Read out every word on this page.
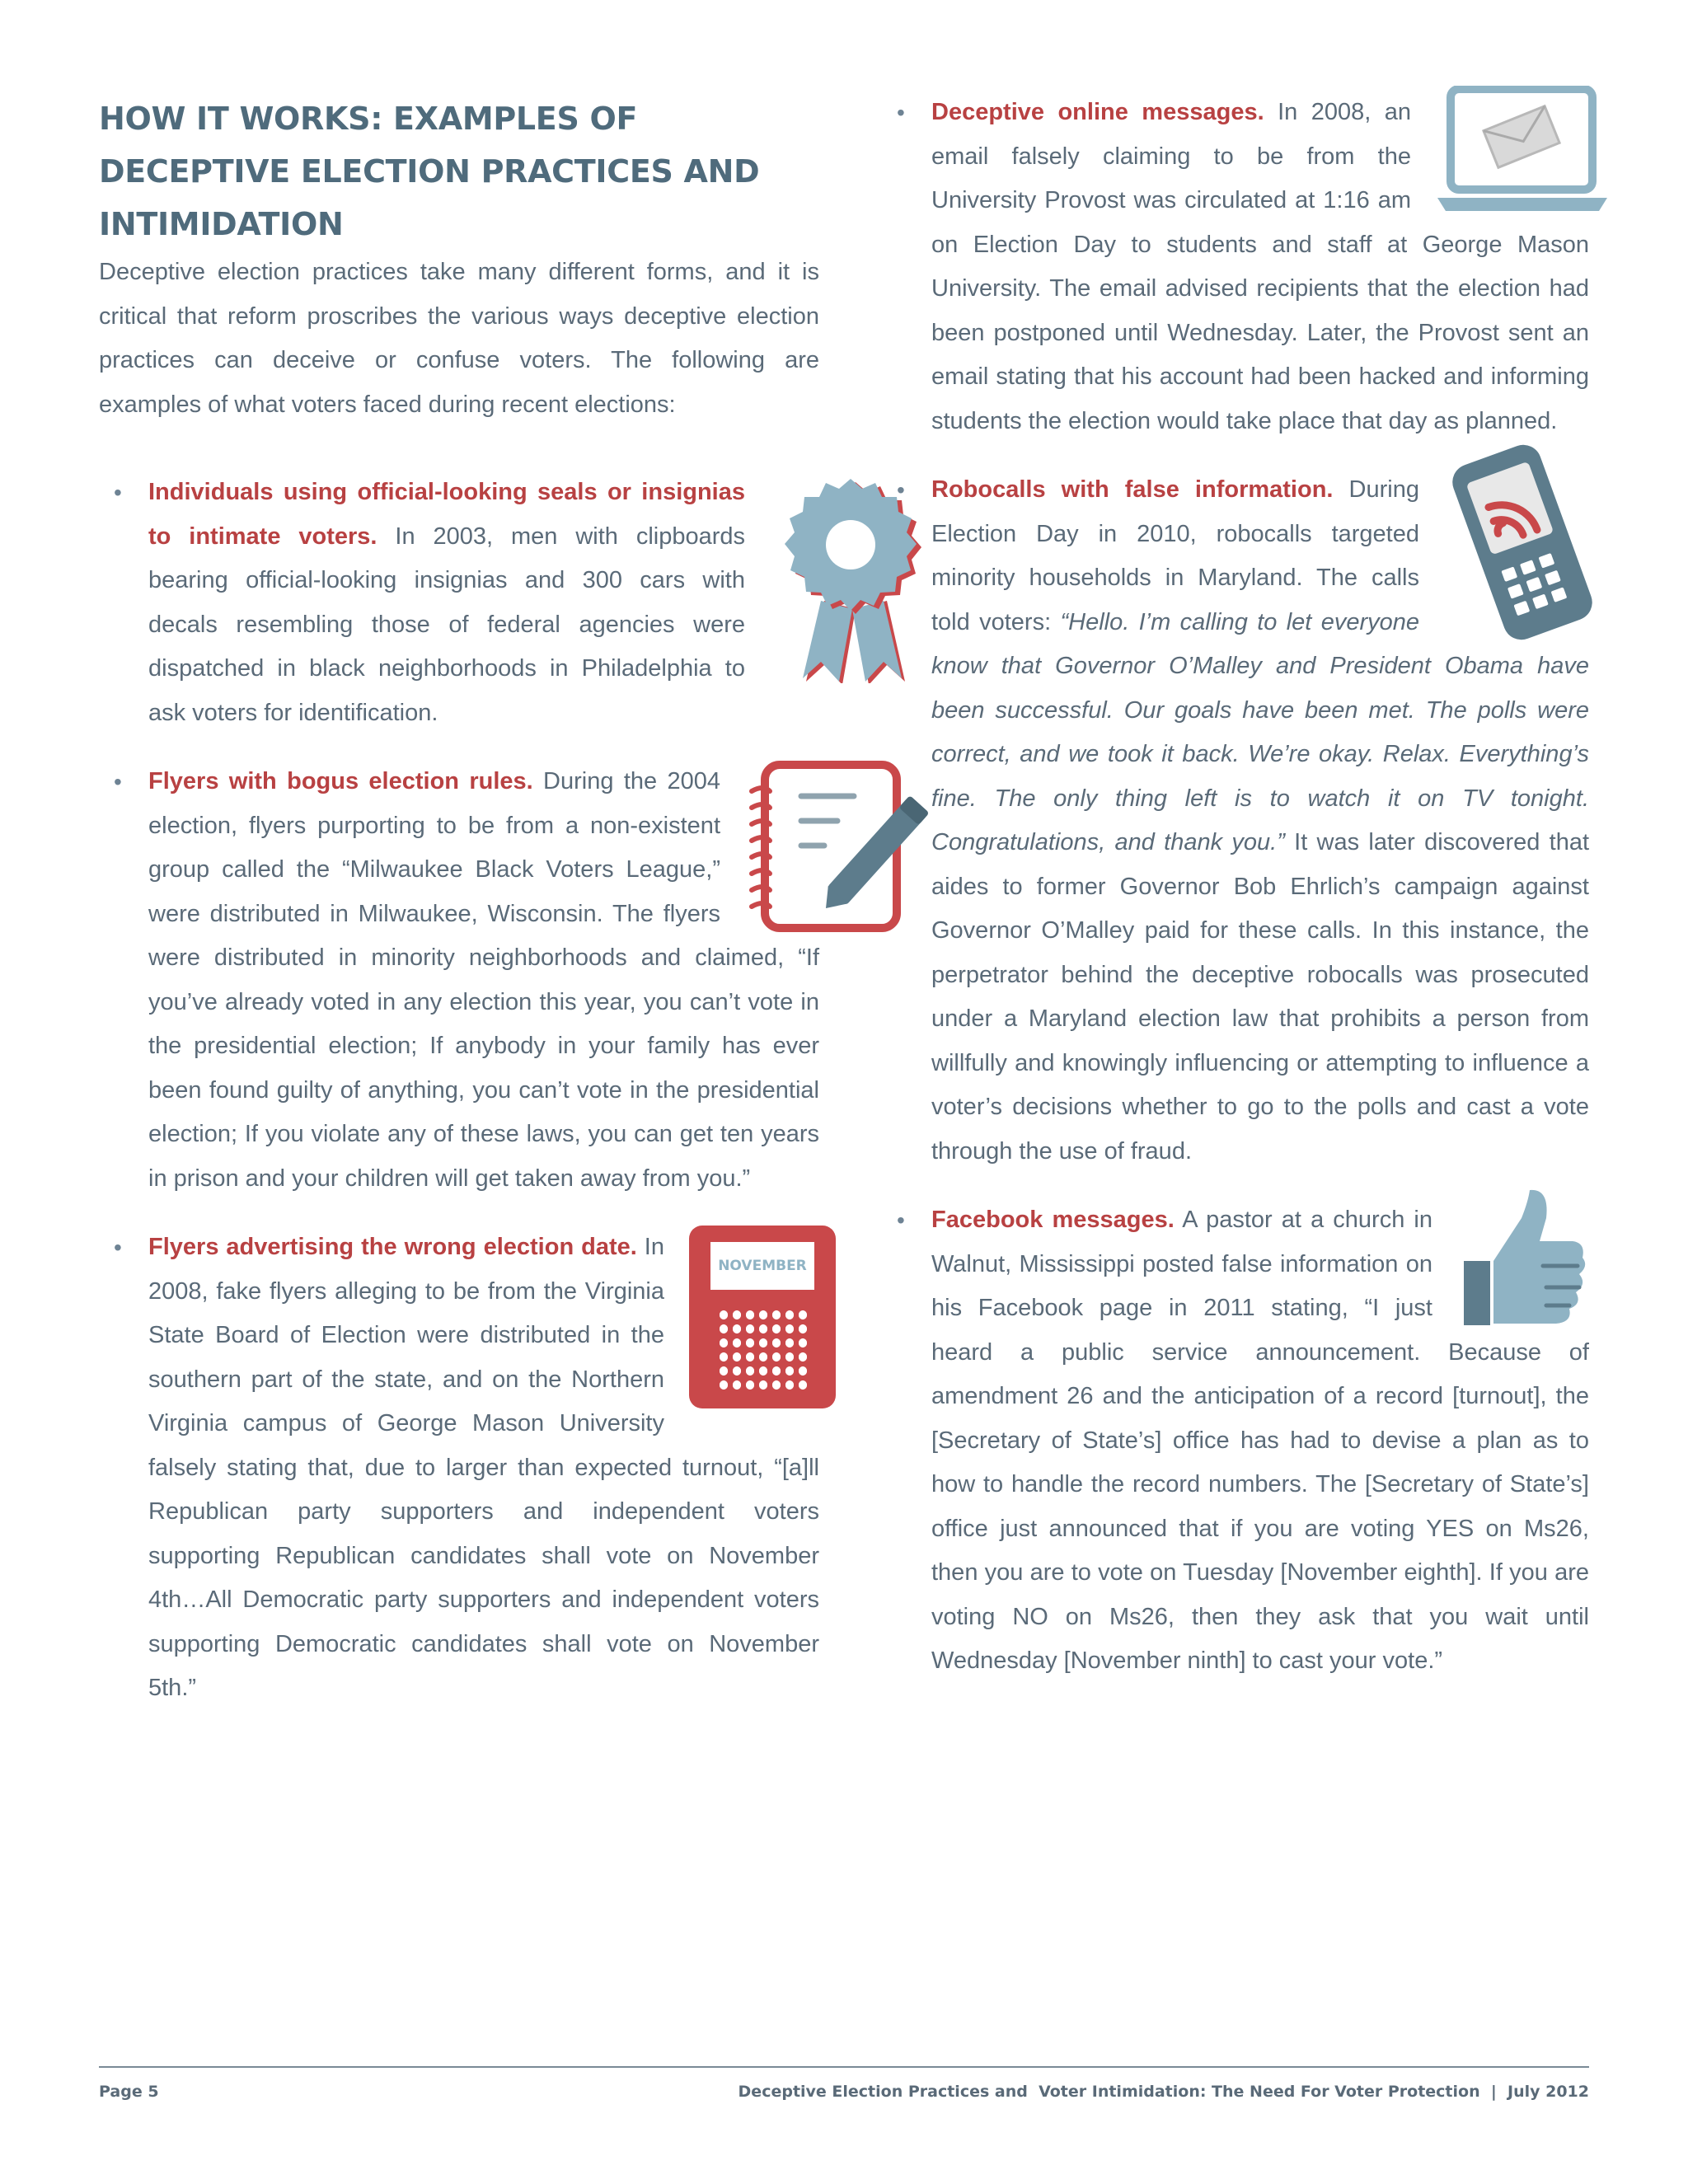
HOW IT WORKS: EXAMPLES OF DECEPTIVE ELECTION PRACTICES AND INTIMIDATION

Deceptive election practices take many different forms, and it is critical that reform proscribes the various ways deceptive election practices can deceive or confuse voters. The following are examples of what voters faced during recent elections:

• Individuals using official-looking seals or insignias to intimate voters. In 2003, men with clipboards bearing official-looking insignias and 300 cars with decals resembling those of federal agencies were dispatched in black neighborhoods in Philadelphia to ask voters for identification.
• Flyers with bogus election rules. During the 2004 election, flyers purporting to be from a non-existent group called the “Milwaukee Black Voters League,” were distributed in Milwaukee, Wisconsin. The flyers were distributed in minority neighborhoods and claimed, “If you’ve already voted in any election this year, you can’t vote in the presidential election; If anybody in your family has ever been found guilty of anything, you can’t vote in the presidential election; If you violate any of these laws, you can get ten years in prison and your children will get taken away from you.”
•
NOVEMBER
Flyers advertising the wrong election date. In 2008, fake flyers alleging to be from the Virginia State Board of Election were distributed in the southern part of the state, and on the Northern Virginia campus of George Mason University falsely stating that, due to larger than expected turnout, “[a]ll Republican party supporters and independent voters supporting Republican candidates shall vote on November 4th…All Democratic party supporters and independent voters supporting Democratic candidates shall vote on November 5th.”
• Deceptive online messages. In 2008, an email falsely claiming to be from the University Provost was circulated at 1:16 am on Election Day to students and staff at George Mason University. The email advised recipients that the election had been postponed until Wednesday. Later, the Provost sent an email stating that his account had been hacked and informing students the election would take place that day as planned.
• Robocalls with false information. During Election Day in 2010, robocalls targeted minority households in Maryland. The calls told voters: “Hello. I’m calling to let everyone know that Governor O’Malley and President Obama have been successful. Our goals have been met. The polls were correct, and we took it back. We’re okay. Relax. Everything’s fine. The only thing left is to watch it on TV tonight. Congratulations, and thank you.” It was later discovered that aides to former Governor Bob Ehrlich’s campaign against Governor O’Malley paid for these calls. In this instance, the perpetrator behind the deceptive robocalls was prosecuted under a Maryland election law that prohibits a person from willfully and knowingly influencing or attempting to influence a voter’s decisions whether to go to the polls and cast a vote through the use of fraud.
• Facebook messages. A pastor at a church in Walnut, Mississippi posted false information on his Facebook page in 2011 stating, “I just heard a public service announcement. Because of amendment 26 and the anticipation of a record [turnout], the [Secretary of State’s] office has had to devise a plan as to how to handle the record numbers. The [Secretary of State’s] office just announced that if you are voting YES on Ms26, then you are to vote on Tuesday [November eighth]. If you are voting NO on Ms26, then they ask that you wait until Wednesday [November ninth] to cast your vote.”
Page 5	Deceptive Election Practices and  Voter Intimidation: The Need For Voter Protection  |  July 2012
